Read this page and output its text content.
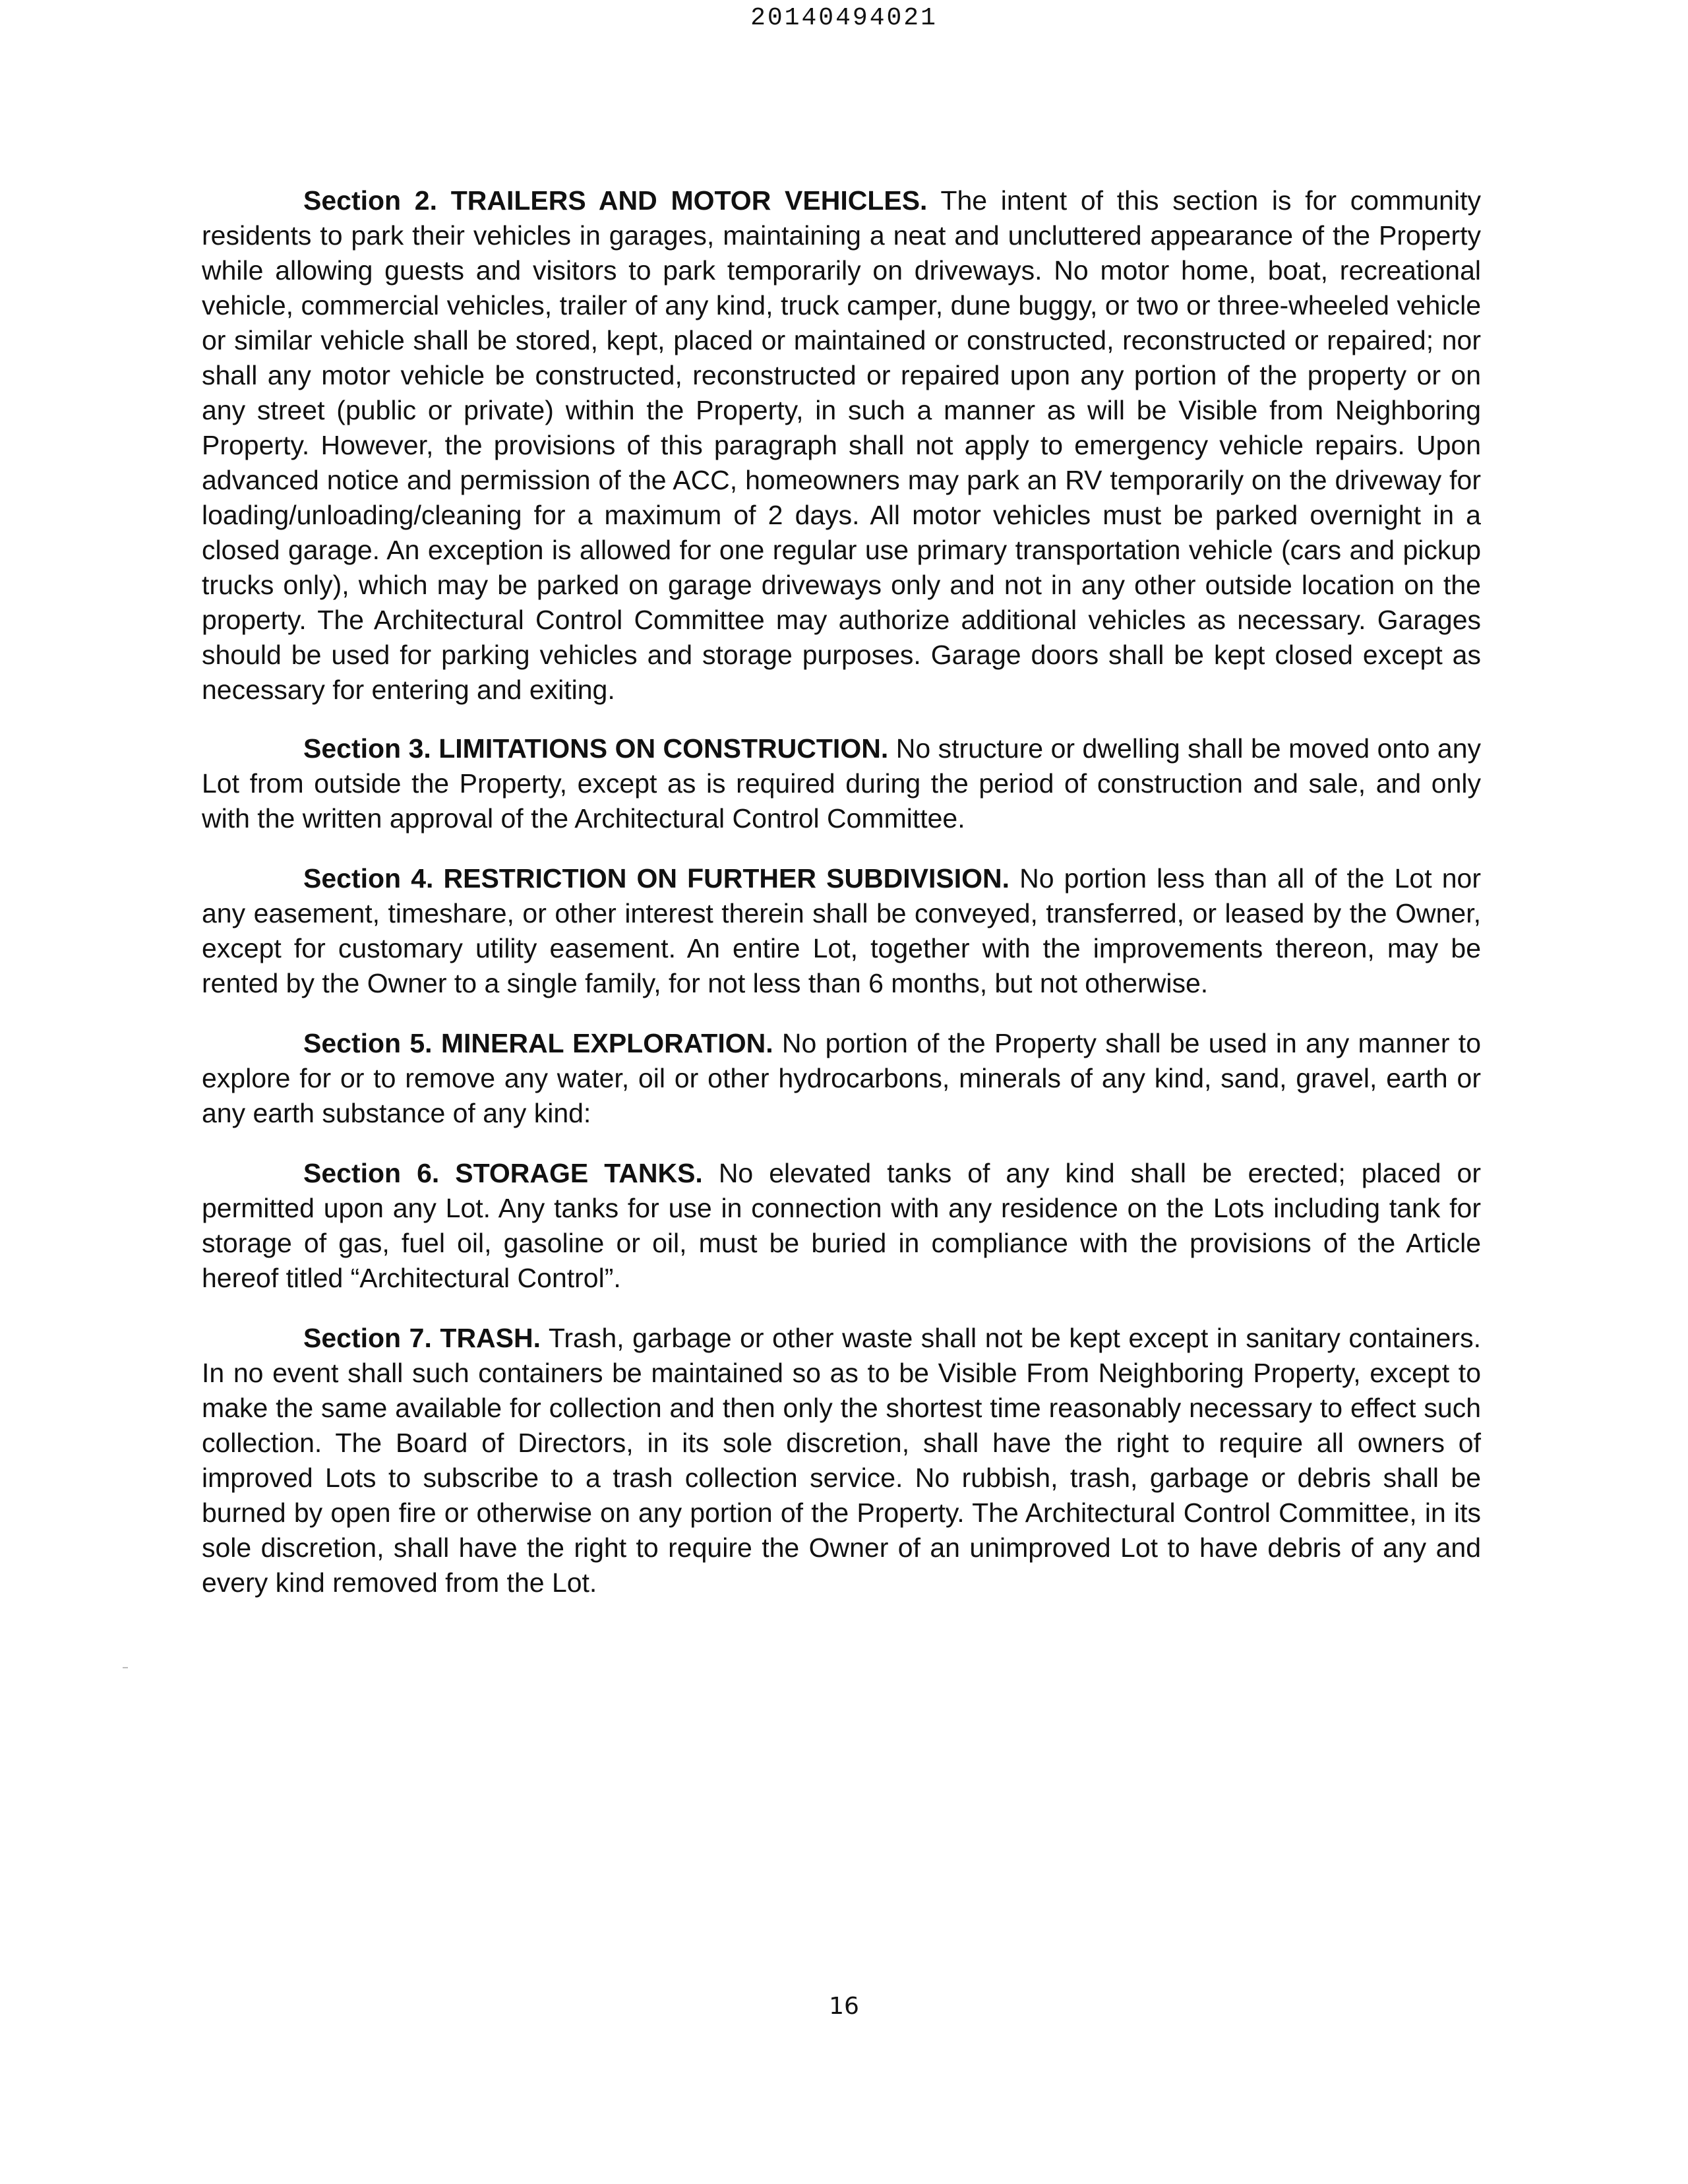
20140494021

Section 2. TRAILERS AND MOTOR VEHICLES. The intent of this section is for community residents to park their vehicles in garages, maintaining a neat and uncluttered appearance of the Property while allowing guests and visitors to park temporarily on driveways. No motor home, boat, recreational vehicle, commercial vehicles, trailer of any kind, truck camper, dune buggy, or two or three-wheeled vehicle or similar vehicle shall be stored, kept, placed or maintained or constructed, reconstructed or repaired; nor shall any motor vehicle be constructed, reconstructed or repaired upon any portion of the property or on any street (public or private) within the Property, in such a manner as will be Visible from Neighboring Property. However, the provisions of this paragraph shall not apply to emergency vehicle repairs. Upon advanced notice and permission of the ACC, homeowners may park an RV temporarily on the driveway for loading/unloading/cleaning for a maximum of 2 days. All motor vehicles must be parked overnight in a closed garage. An exception is allowed for one regular use primary transportation vehicle (cars and pickup trucks only), which may be parked on garage driveways only and not in any other outside location on the property. The Architectural Control Committee may authorize additional vehicles as necessary. Garages should be used for parking vehicles and storage purposes. Garage doors shall be kept closed except as necessary for entering and exiting.

Section 3. LIMITATIONS ON CONSTRUCTION. No structure or dwelling shall be moved onto any Lot from outside the Property, except as is required during the period of construction and sale, and only with the written approval of the Architectural Control Committee.

Section 4. RESTRICTION ON FURTHER SUBDIVISION. No portion less than all of the Lot nor any easement, timeshare, or other interest therein shall be conveyed, transferred, or leased by the Owner, except for customary utility easement. An entire Lot, together with the improvements thereon, may be rented by the Owner to a single family, for not less than 6 months, but not otherwise.

Section 5. MINERAL EXPLORATION. No portion of the Property shall be used in any manner to explore for or to remove any water, oil or other hydrocarbons, minerals of any kind, sand, gravel, earth or any earth substance of any kind:

Section 6. STORAGE TANKS. No elevated tanks of any kind shall be erected; placed or permitted upon any Lot. Any tanks for use in connection with any residence on the Lots including tank for storage of gas, fuel oil, gasoline or oil, must be buried in compliance with the provisions of the Article hereof titled “Architectural Control”.

Section 7. TRASH. Trash, garbage or other waste shall not be kept except in sanitary containers. In no event shall such containers be maintained so as to be Visible From Neighboring Property, except to make the same available for collection and then only the shortest time reasonably necessary to effect such collection. The Board of Directors, in its sole discretion, shall have the right to require all owners of improved Lots to subscribe to a trash collection service. No rubbish, trash, garbage or debris shall be burned by open fire or otherwise on any portion of the Property. The Architectural Control Committee, in its sole discretion, shall have the right to require the Owner of an unimproved Lot to have debris of any and every kind removed from the Lot.

16
